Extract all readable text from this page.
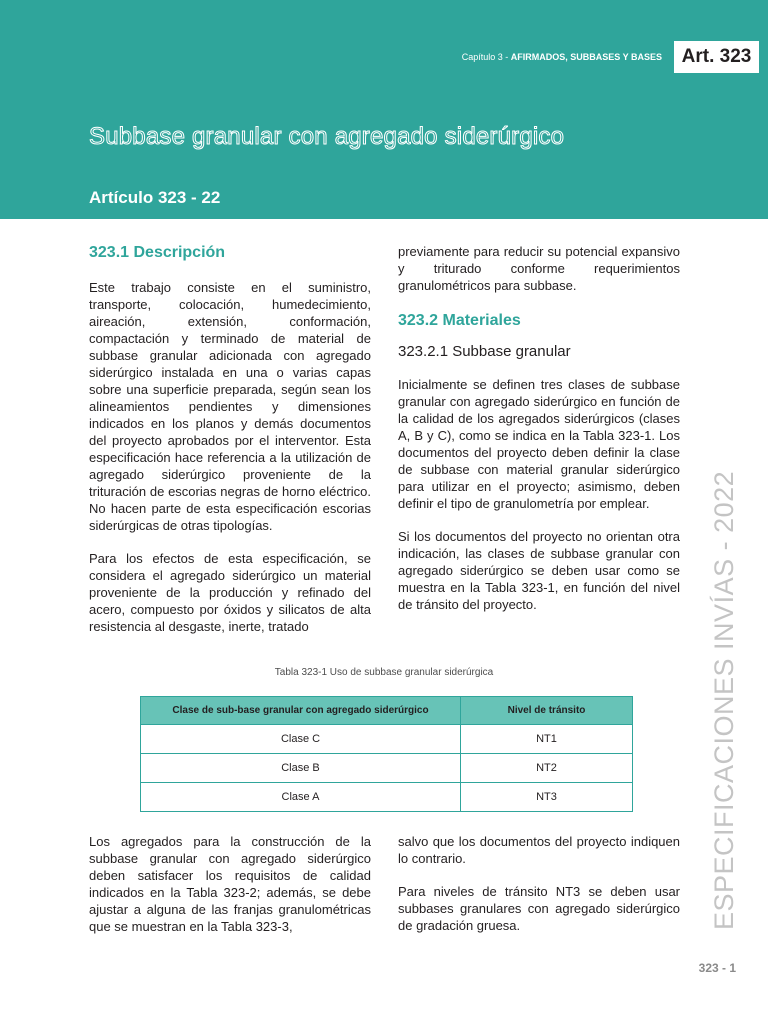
Capítulo 3 - AFIRMADOS, SUBBASES Y BASES	Art. 323
Subbase granular con agregado siderúrgico
Artículo 323 - 22

323.1 Descripción

Este trabajo consiste en el suministro, transporte, colocación, humedecimiento, aireación, extensión, conformación, compactación y terminado de material de subbase granular adicionada con agregado siderúrgico instalada en una o varias capas sobre una superficie preparada, según sean los alineamientos pendientes y dimensiones indicados en los planos y demás documentos del proyecto aprobados por el interventor. Esta especificación hace referencia a la utilización de agregado siderúrgico proveniente de la trituración de escorias negras de horno eléctrico. No hacen parte de esta especificación escorias siderúrgicas de otras tipologías.

Para los efectos de esta especificación, se considera el agregado siderúrgico un material proveniente de la producción y refinado del acero, compuesto por óxidos y silicatos de alta resistencia al desgaste, inerte, tratado

previamente para reducir su potencial expansivo y triturado conforme requerimientos granulométricos para subbase.

323.2 Materiales

323.2.1 Subbase granular

Inicialmente se definen tres clases de subbase granular con agregado siderúrgico en función de la calidad de los agregados siderúrgicos (clases A, B y C), como se indica en la Tabla 323-1. Los documentos del proyecto deben definir la clase de subbase con material granular siderúrgico para utilizar en el proyecto; asimismo, deben definir el tipo de granulometría por emplear.

Si los documentos del proyecto no orientan otra indicación, las clases de subbase granular con agregado siderúrgico se deben usar como se muestra en la Tabla 323-1, en función del nivel de tránsito del proyecto.

Tabla 323-1 Uso de subbase granular siderúrgica
Clase de sub-base granular con agregado siderúrgico	Nivel de tránsito
Clase C	NT1
Clase B	NT2
Clase A	NT3

Los agregados para la construcción de la subbase granular con agregado siderúrgico deben satisfacer los requisitos de calidad indicados en la Tabla 323-2; además, se debe ajustar a alguna de las franjas granulométricas que se muestran en la Tabla 323-3,

salvo que los documentos del proyecto indiquen lo contrario.

Para niveles de tránsito NT3 se deben usar subbases granulares con agregado siderúrgico de gradación gruesa.	ESPECIFICACIONES INVÍAS - 2022
323 - 1
